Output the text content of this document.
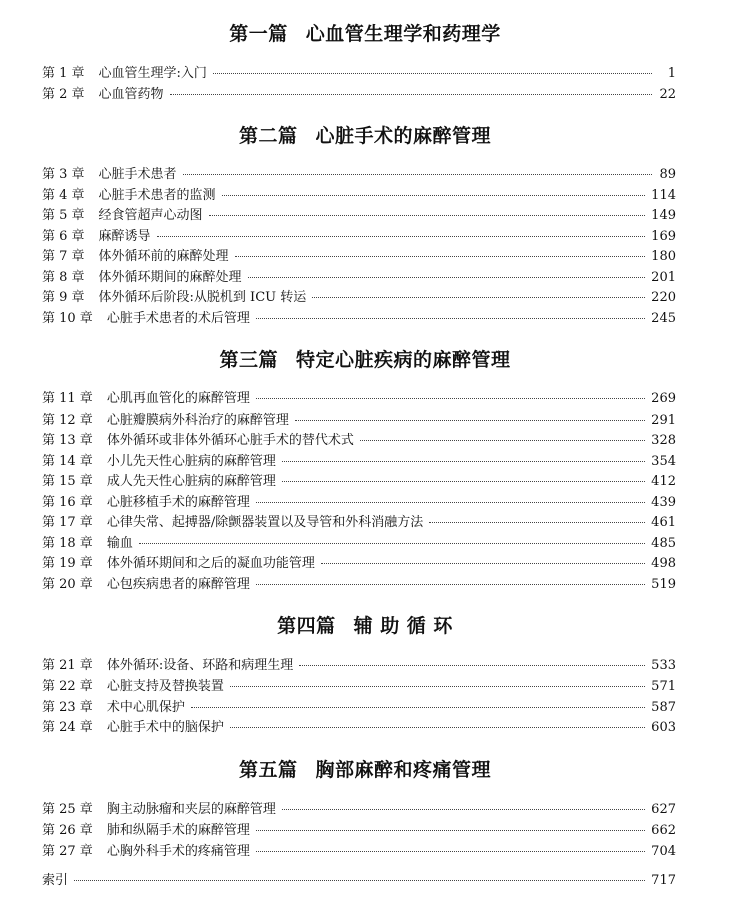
第一篇 心血管生理学和药理学
第 1 章 心血管生理学:入门	1
第 2 章 心血管药物	22
第二篇 心脏手术的麻醉管理
第 3 章 心脏手术患者	89
第 4 章 心脏手术患者的监测	114
第 5 章 经食管超声心动图	149
第 6 章 麻醉诱导	169
第 7 章 体外循环前的麻醉处理	180
第 8 章 体外循环期间的麻醉处理	201
第 9 章 体外循环后阶段:从脱机到 ICU 转运	220
第 10 章 心脏手术患者的术后管理	245
第三篇 特定心脏疾病的麻醉管理
第 11 章 心肌再血管化的麻醉管理	269
第 12 章 心脏瓣膜病外科治疗的麻醉管理	291
第 13 章 体外循环或非体外循环心脏手术的替代术式	328
第 14 章 小儿先天性心脏病的麻醉管理	354
第 15 章 成人先天性心脏病的麻醉管理	412
第 16 章 心脏移植手术的麻醉管理	439
第 17 章 心律失常、起搏器/除颤器装置以及导管和外科消融方法	461
第 18 章 输血	485
第 19 章 体外循环期间和之后的凝血功能管理	498
第 20 章 心包疾病患者的麻醉管理	519
第四篇 辅 助 循 环
第 21 章 体外循环:设备、环路和病理生理	533
第 22 章 心脏支持及替换装置	571
第 23 章 术中心肌保护	587
第 24 章 心脏手术中的脑保护	603
第五篇 胸部麻醉和疼痛管理
第 25 章 胸主动脉瘤和夹层的麻醉管理	627
第 26 章 肺和纵隔手术的麻醉管理	662
第 27 章 心胸外科手术的疼痛管理	704
索引	717
